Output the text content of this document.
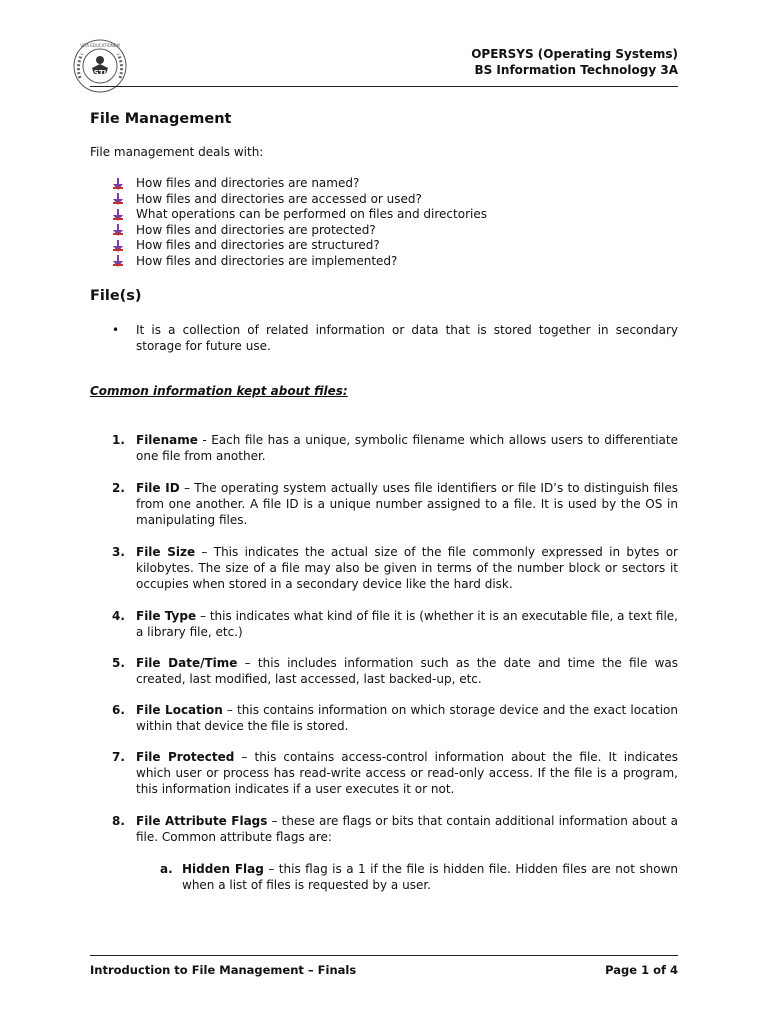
STI
VITA EDUCATIONEM
OPERSYS (Operating Systems)
BS Information Technology 3A
File Management
File management deals with:
How files and directories are named?
How files and directories are accessed or used?
What operations can be performed on files and directories
How files and directories are protected?
How files and directories are structured?
How files and directories are implemented?
File(s)
•	It is a collection of related information or data that is stored together in secondary storage for future use.
Common information kept about files:
1. Filename - Each file has a unique, symbolic filename which allows users to differentiate one file from another.
2. File ID – The operating system actually uses file identifiers or file ID’s to distinguish files from one another. A file ID is a unique number assigned to a file. It is used by the OS in manipulating files.
3. File Size – This indicates the actual size of the file commonly expressed in bytes or kilobytes. The size of a file may also be given in terms of the number block or sectors it occupies when stored in a secondary device like the hard disk.
4. File Type – this indicates what kind of file it is (whether it is an executable file, a text file, a library file, etc.)
5. File Date/Time – this includes information such as the date and time the file was created, last modified, last accessed, last backed-up, etc.
6. File Location – this contains information on which storage device and the exact location within that device the file is stored.
7. File Protected – this contains access-control information about the file. It indicates which user or process has read-write access or read-only access. If the file is a program, this information indicates if a user executes it or not.
8. File Attribute Flags – these are flags or bits that contain additional information about a file. Common attribute flags are:
a. Hidden Flag – this flag is a 1 if the file is hidden file. Hidden files are not shown when a list of files is requested by a user.
Introduction to File Management – Finals	Page 1 of 4
